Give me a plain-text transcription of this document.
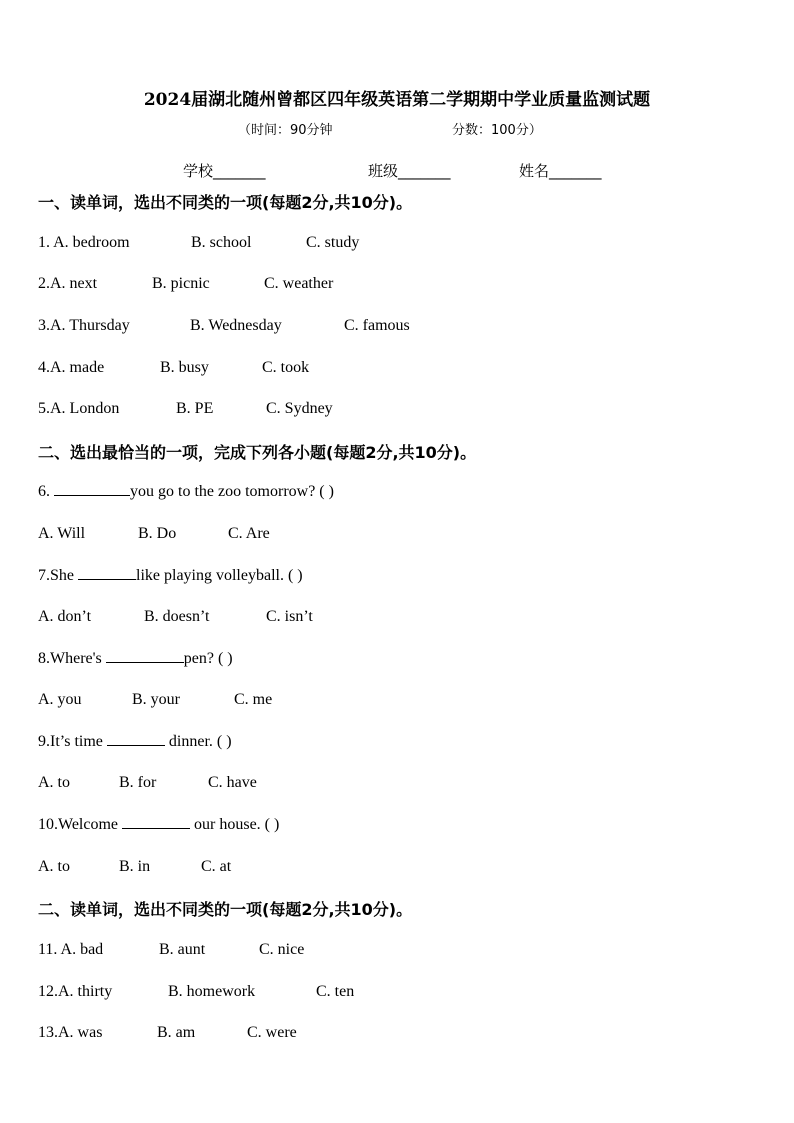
2024届湖北随州曾都区四年级英语第二学期期中学业质量监测试题
（时间：90分钟	分数：100分）
学校_______	班级_______	姓名_______
一、读单词，选出不同类的一项(每题2分,共10分)。
1. A. bedroom	B. school	C. study
2.A. next	B. picnic	C. weather
3.A. Thursday	B. Wednesday	C. famous
4.A. made	B. busy	C. took
5.A. London	B. PE	C. Sydney
二、选出最恰当的一项，完成下列各小题(每题2分,共10分)。
6.	you go to the zoo tomorrow? ( )
A. Will	B. Do	C. Are
7.She	like playing volleyball. ( )
A. don’t	B. doesn’t	C. isn’t
8.Where's	pen? ( )
A. you	B. your	C. me
9.It’s time	dinner. ( )
A. to	B. for	C. have
10.Welcome	our house. ( )
A. to	B. in	C. at
二、读单词，选出不同类的一项(每题2分,共10分)。
11. A. bad	B. aunt	C. nice
12.A. thirty	B. homework	C. ten
13.A. was	B. am	C. were
